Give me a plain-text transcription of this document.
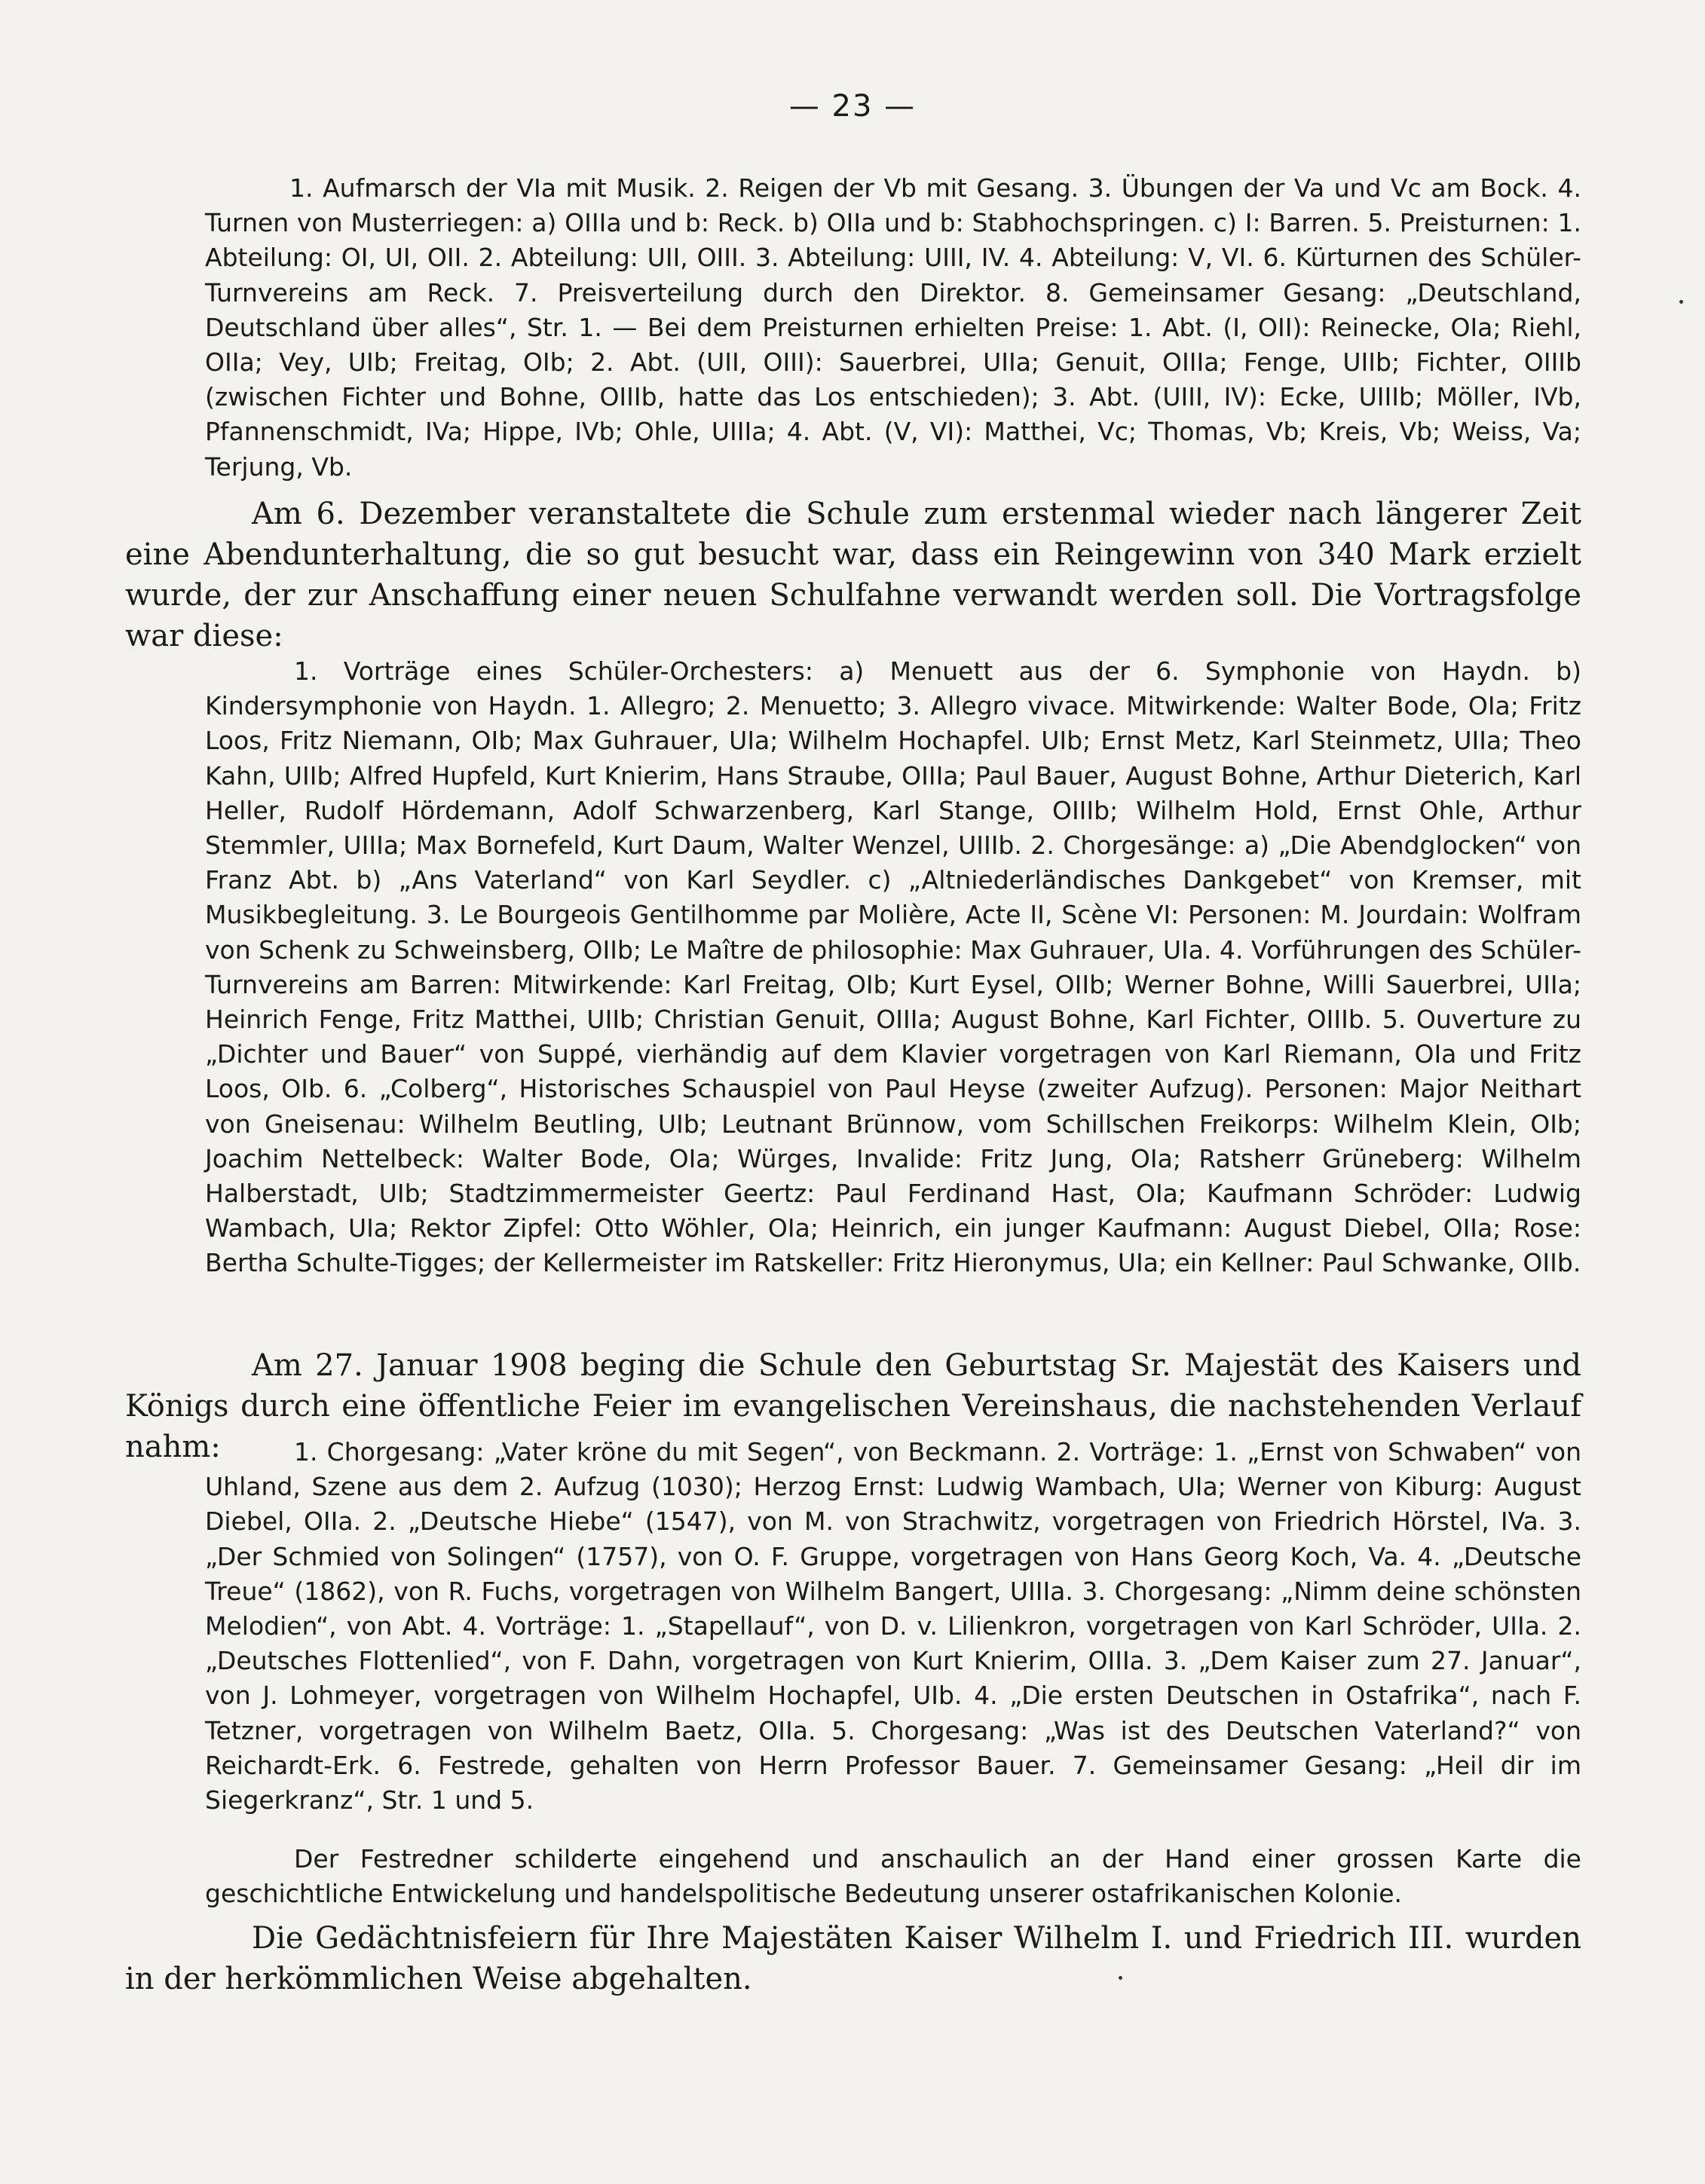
— 23 —

1. Aufmarsch der VIa mit Musik. 2. Reigen der Vb mit Gesang. 3. Übungen der Va und Vc am Bock. 4. Turnen von Musterriegen: a) OIIIa und b: Reck. b) OIIa und b: Stabhochspringen. c) I: Barren. 5. Preisturnen: 1. Abteilung: OI, UI, OII. 2. Abteilung: UII, OIII. 3. Abteilung: UIII, IV. 4. Abteilung: V, VI. 6. Kürturnen des Schüler-Turnvereins am Reck. 7. Preisverteilung durch den Direktor. 8. Gemeinsamer Gesang: „Deutschland, Deutschland über alles“, Str. 1. — Bei dem Preisturnen erhielten Preise: 1. Abt. (I, OII): Reinecke, OIa; Riehl, OIIa; Vey, UIb; Freitag, OIb; 2. Abt. (UII, OIII): Sauerbrei, UIIa; Genuit, OIIIa; Fenge, UIIb; Fichter, OIIIb (zwischen Fichter und Bohne, OIIIb, hatte das Los entschieden); 3. Abt. (UIII, IV): Ecke, UIIIb; Möller, IVb, Pfannenschmidt, IVa; Hippe, IVb; Ohle, UIIIa; 4. Abt. (V, VI): Matthei, Vc; Thomas, Vb; Kreis, Vb; Weiss, Va; Terjung, Vb.

Am 6. Dezember veranstaltete die Schule zum erstenmal wieder nach längerer Zeit eine Abendunterhaltung, die so gut besucht war, dass ein Reingewinn von 340 Mark erzielt wurde, der zur Anschaffung einer neuen Schulfahne verwandt werden soll. Die Vortragsfolge war diese:

1. Vorträge eines Schüler-Orchesters: a) Menuett aus der 6. Symphonie von Haydn. b) Kindersymphonie von Haydn. 1. Allegro; 2. Menuetto; 3. Allegro vivace. Mitwirkende: Walter Bode, OIa; Fritz Loos, Fritz Niemann, OIb; Max Guhrauer, UIa; Wilhelm Hochapfel. UIb; Ernst Metz, Karl Steinmetz, UIIa; Theo Kahn, UIIb; Alfred Hupfeld, Kurt Knierim, Hans Straube, OIIIa; Paul Bauer, August Bohne, Arthur Dieterich, Karl Heller, Rudolf Hördemann, Adolf Schwarzenberg, Karl Stange, OIIIb; Wilhelm Hold, Ernst Ohle, Arthur Stemmler, UIIIa; Max Bornefeld, Kurt Daum, Walter Wenzel, UIIIb. 2. Chorgesänge: a) „Die Abendglocken“ von Franz Abt. b) „Ans Vaterland“ von Karl Seydler. c) „Altniederländisches Dankgebet“ von Kremser, mit Musikbegleitung. 3. Le Bourgeois Gentilhomme par Molière, Acte II, Scène VI: Personen: M. Jourdain: Wolfram von Schenk zu Schweinsberg, OIIb; Le Maître de philosophie: Max Guhrauer, UIa. 4. Vorführungen des Schüler-Turnvereins am Barren: Mitwirkende: Karl Freitag, OIb; Kurt Eysel, OIIb; Werner Bohne, Willi Sauerbrei, UIIa; Heinrich Fenge, Fritz Matthei, UIIb; Christian Genuit, OIIIa; August Bohne, Karl Fichter, OIIIb. 5. Ouverture zu „Dichter und Bauer“ von Suppé, vierhändig auf dem Klavier vorgetragen von Karl Riemann, OIa und Fritz Loos, OIb. 6. „Colberg“, Historisches Schauspiel von Paul Heyse (zweiter Aufzug). Personen: Major Neithart von Gneisenau: Wilhelm Beutling, UIb; Leutnant Brünnow, vom Schillschen Freikorps: Wilhelm Klein, OIb; Joachim Nettelbeck: Walter Bode, OIa; Würges, Invalide: Fritz Jung, OIa; Ratsherr Grüneberg: Wilhelm Halberstadt, UIb; Stadtzimmermeister Geertz: Paul Ferdinand Hast, OIa; Kaufmann Schröder: Ludwig Wambach, UIa; Rektor Zipfel: Otto Wöhler, OIa; Heinrich, ein junger Kaufmann: August Diebel, OIIa; Rose: Bertha Schulte-Tigges; der Kellermeister im Ratskeller: Fritz Hieronymus, UIa; ein Kellner: Paul Schwanke, OIIb.

Am 27. Januar 1908 beging die Schule den Geburtstag Sr. Majestät des Kaisers und Königs durch eine öffentliche Feier im evangelischen Vereinshaus, die nachstehenden Verlauf nahm:	1. Chorgesang: „Vater kröne du mit Segen“, von Beckmann. 2. Vorträge: 1. „Ernst von Schwaben“ von Uhland, Szene aus dem 2. Aufzug (1030); Herzog Ernst: Ludwig Wambach, UIa; Werner von Kiburg: August Diebel, OIIa. 2. „Deutsche Hiebe“ (1547), von M. von Strachwitz, vorgetragen von Friedrich Hörstel, IVa. 3. „Der Schmied von Solingen“ (1757), von O. F. Gruppe, vorgetragen von Hans Georg Koch, Va. 4. „Deutsche Treue“ (1862), von R. Fuchs, vorgetragen von Wilhelm Bangert, UIIIa. 3. Chorgesang: „Nimm deine schönsten Melodien“, von Abt. 4. Vorträge: 1. „Stapellauf“, von D. v. Lilienkron, vorgetragen von Karl Schröder, UIIa. 2. „Deutsches Flottenlied“, von F. Dahn, vorgetragen von Kurt Knierim, OIIIa. 3. „Dem Kaiser zum 27. Januar“, von J. Lohmeyer, vorgetragen von Wilhelm Hochapfel, UIb. 4. „Die ersten Deutschen in Ostafrika“, nach F. Tetzner, vorgetragen von Wilhelm Baetz, OIIa. 5. Chorgesang: „Was ist des Deutschen Vaterland?“ von Reichardt-Erk. 6. Festrede, gehalten von Herrn Professor Bauer. 7. Gemeinsamer Gesang: „Heil dir im Siegerkranz“, Str. 1 und 5.

Der Festredner schilderte eingehend und anschaulich an der Hand einer grossen Karte die geschichtliche Entwickelung und handelspolitische Bedeutung unserer ostafrikanischen Kolonie.

Die Gedächtnisfeiern für Ihre Majestäten Kaiser Wilhelm I. und Friedrich III. wurden in der herkömmlichen Weise abgehalten.
